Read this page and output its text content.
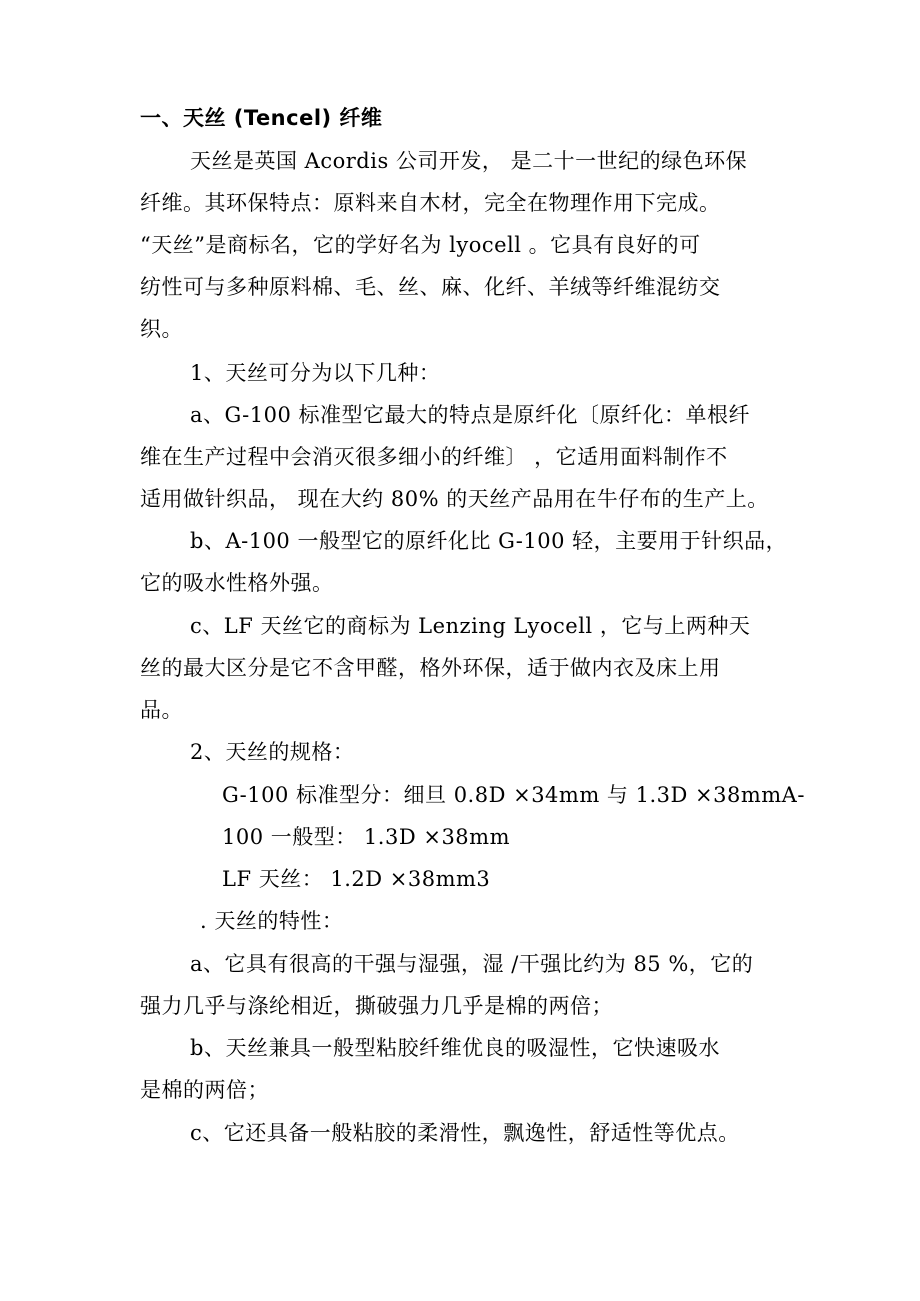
一、天丝 (Tencel) 纤维
天丝是英国 Acordis 公司开发， 是二十一世纪的绿色环保
纤维。其环保特点：原料来自木材，完全在物理作用下完成。
“天丝”是商标名，它的学好名为 lyocell 。它具有良好的可
纺性可与多种原料棉、毛、丝、麻、化纤、羊绒等纤维混纺交
织。
1、天丝可分为以下几种：
a、G-100 标准型它最大的特点是原纤化〔原纤化：单根纤
维在生产过程中会消灭很多细小的纤维〕 ，它适用面料制作不
适用做针织品， 现在大约 80% 的天丝产品用在牛仔布的生产上。
b、A-100 一般型它的原纤化比 G-100 轻，主要用于针织品，
它的吸水性格外强。
c、LF 天丝它的商标为 Lenzing Lyocell ，它与上两种天
丝的最大区分是它不含甲醛，格外环保，适于做内衣及床上用
品。
2、天丝的规格：
G-100 标准型分：细旦 0.8D ×34mm 与 1.3D ×38mmA-
100 一般型： 1.3D ×38mm
LF 天丝： 1.2D ×38mm3
. 天丝的特性：
a、它具有很高的干强与湿强，湿 /干强比约为 85 %，它的
强力几乎与涤纶相近，撕破强力几乎是棉的两倍；
b、天丝兼具一般型粘胶纤维优良的吸湿性，它快速吸水
是棉的两倍；
c、它还具备一般粘胶的柔滑性，飘逸性，舒适性等优点。
